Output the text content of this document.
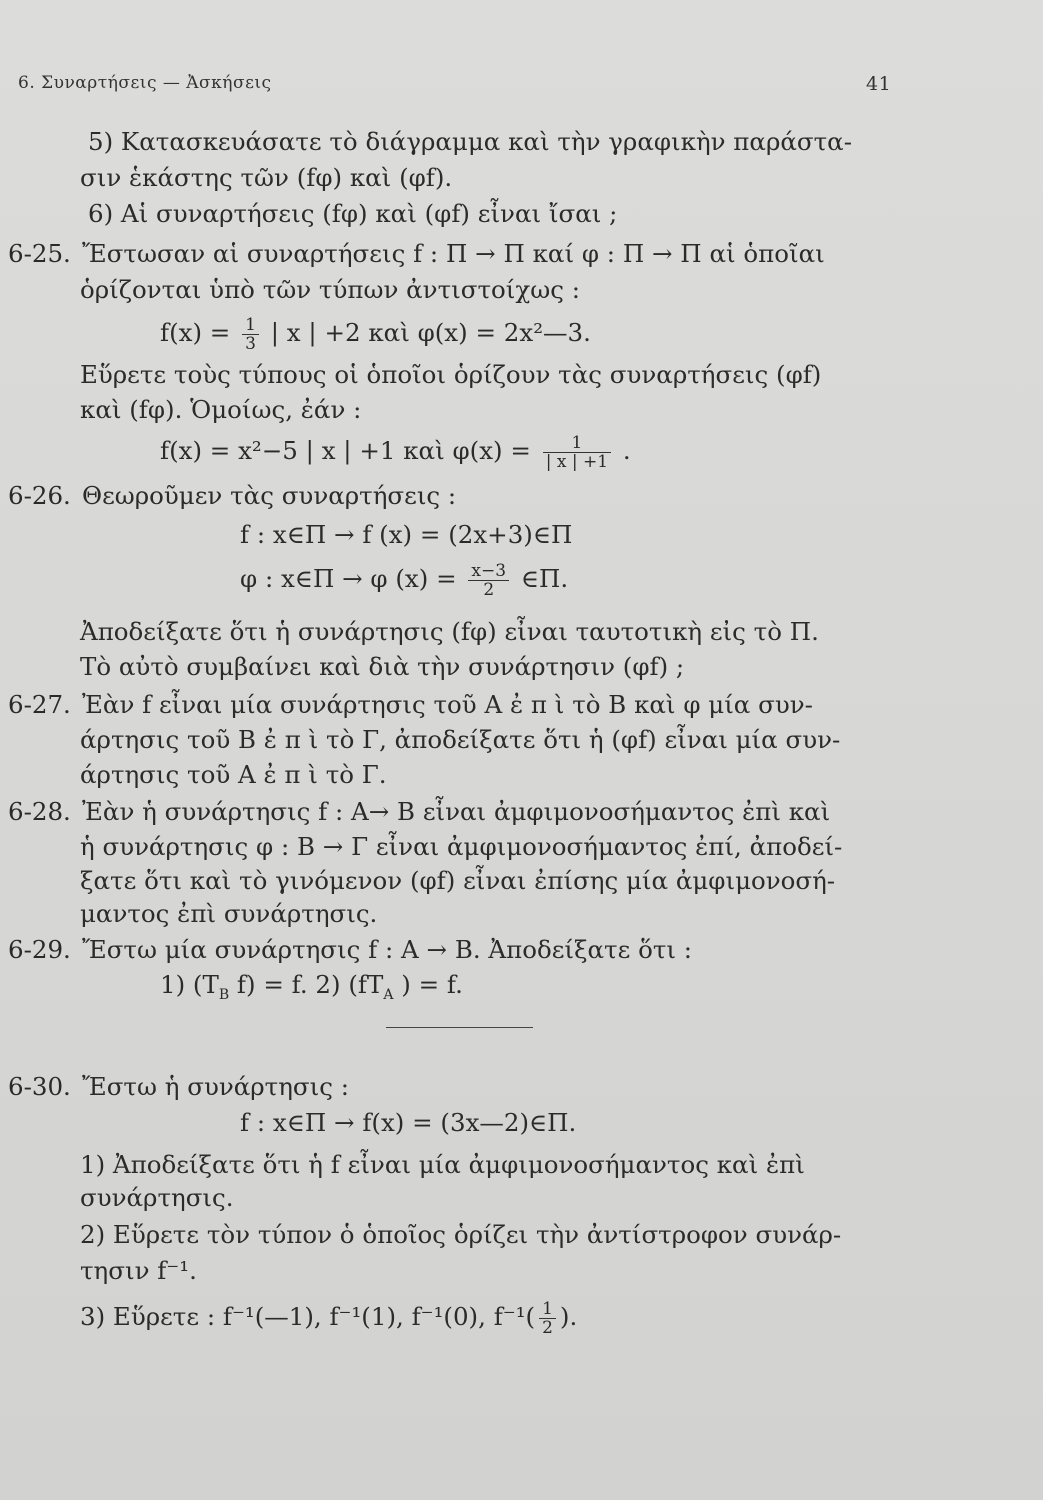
6. Συναρτήσεις — Ἀσκήσεις	41
5) Κατασκευάσατε τὸ διάγραμμα καὶ τὴν γραφικὴν παράστα-
σιν ἑκάστης τῶν (fφ) καὶ (φf).
6) Αἱ συναρτήσεις (fφ) καὶ (φf) εἶναι ἴσαι ;
6-25. Ἔστωσαν αἱ συναρτήσεις f : Π → Π καί φ : Π → Π αἱ ὁποῖαι
ὁρίζονται ὑπὸ τῶν τύπων ἀντιστοίχως :
$f(x) = \frac{1}{3}$ | x | +2 καὶ φ(x) = 2x²—3.
Εὕρετε τοὺς τύπους οἱ ὁποῖοι ὁρίζουν τὰς συναρτήσεις (φf)
καὶ (fφ). Ὁμοίως, ἐάν :
f(x) = x²−5 | x | +1 καὶ $\varphi(x) = \frac{1}{| x | +1}$ .
6-26. Θεωροῦμεν τὰς συναρτήσεις :
f : x∈Π → f (x) = (2x+3)∈Π
φ : x∈Π → φ $(x) = \frac{x-3}{2}$ ∈Π.
Ἀποδείξατε ὅτι ἡ συνάρτησις (fφ) εἶναι ταυτοτικὴ εἰς τὸ Π.
Τὸ αὐτὸ συμβαίνει καὶ διὰ τὴν συνάρτησιν (φf) ;
6-27. Ἐὰν f εἶναι μία συνάρτησις τοῦ Α ἐ π ὶ τὸ Β καὶ φ μία συν-
άρτησις τοῦ Β ἐ π ὶ τὸ Γ, ἀποδείξατε ὅτι ἡ (φf) εἶναι μία συν-
άρτησις τοῦ Α ἐ π ὶ τὸ Γ.
6-28. Ἐὰν ἡ συνάρτησις f : Α→ Β εἶναι ἀμφιμονοσήμαντος ἐπὶ καὶ
ἡ συνάρτησις φ : Β → Γ εἶναι ἀμφιμονοσήμαντος ἐπί, ἀποδεί-
ξατε ὅτι καὶ τὸ γινόμενον (φf) εἶναι ἐπίσης μία ἀμφιμονοσή-
μαντος ἐπὶ συνάρτησις.
6-29. Ἔστω μία συνάρτησις f : Α → Β. Ἀποδείξατε ὅτι :
1) ($T_B$ f) = f. 2) ($fT_A$ ) = f.
6-30. Ἔστω ἡ συνάρτησις :
f : x∈Π → f(x) = (3x—2)∈Π.
1) Ἀποδείξατε ὅτι ἡ f εἶναι μία ἀμφιμονοσήμαντος καὶ ἐπὶ
συνάρτησις.
2) Εὕρετε τὸν τύπον ὁ ὁποῖος ὁρίζει τὴν ἀντίστροφον συνάρ-
τησιν f⁻¹.
3) Εὕρετε : f⁻¹(—1), f⁻¹(1), f⁻¹(0), $f^{-1}( \frac{1}{2}$ ).
